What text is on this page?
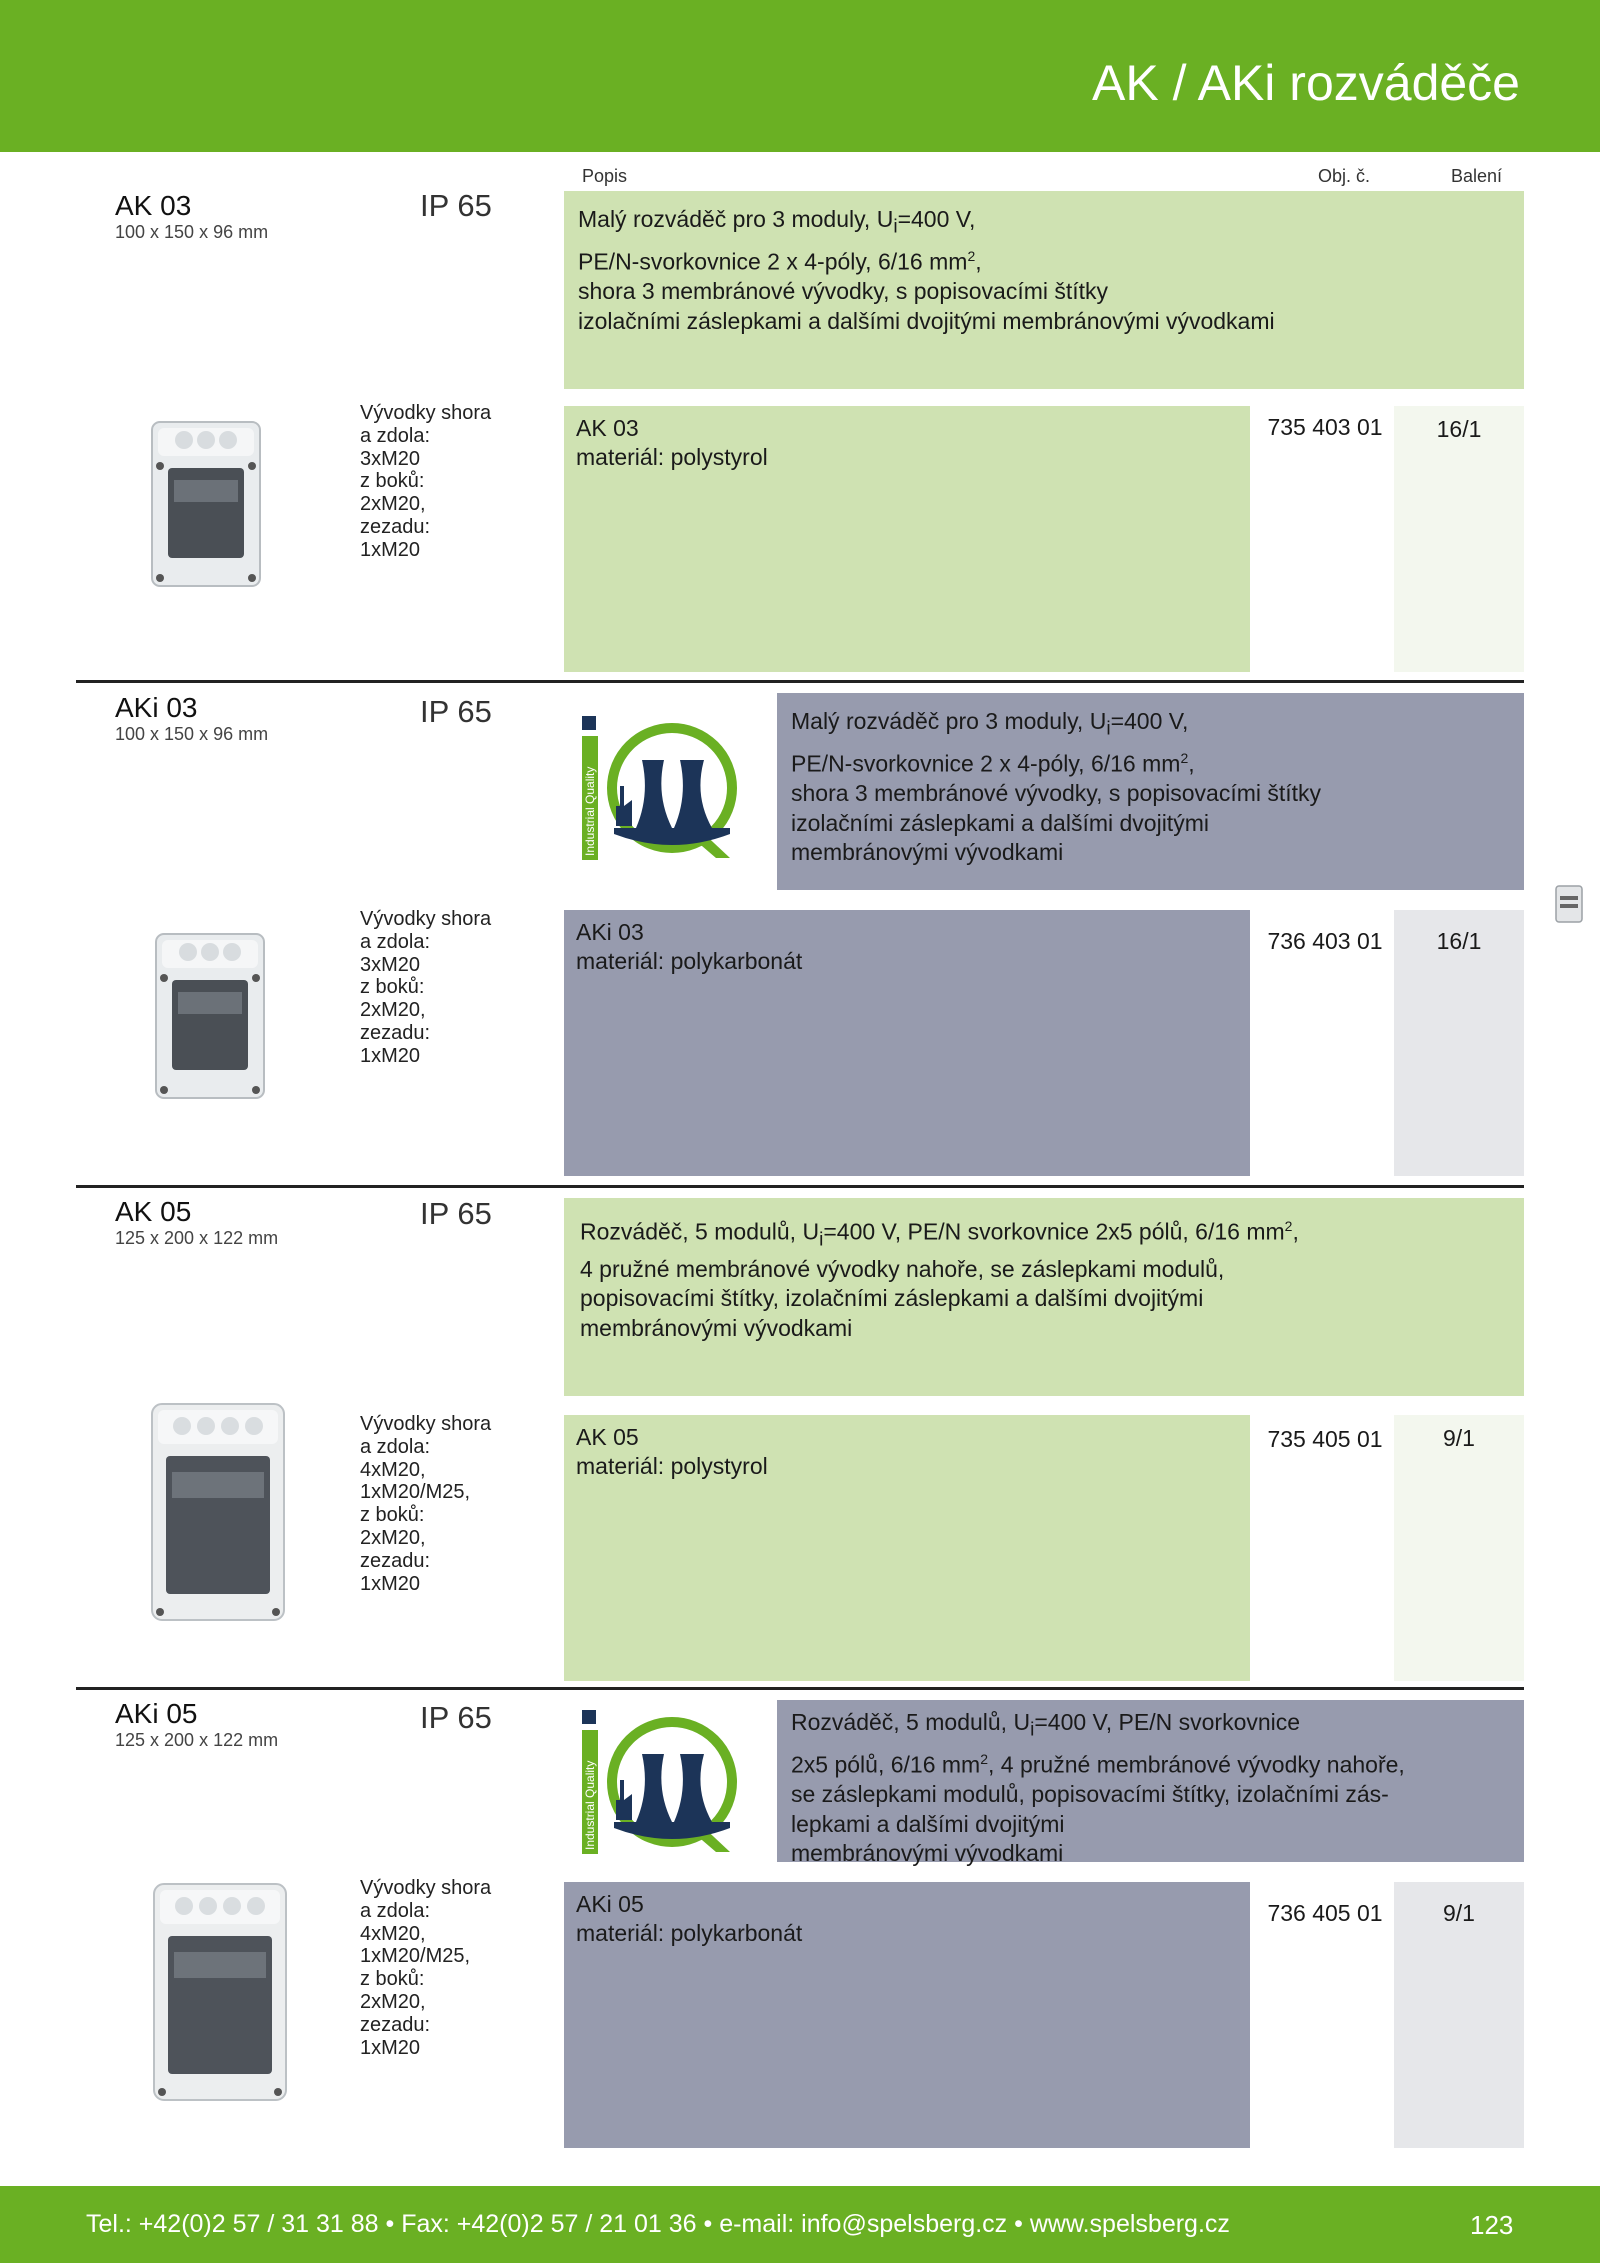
AK / AKi rozváděče
Popis	Obj. č.	Balení
AK 03
100 x 150 x 96 mm
IP 65	Malý rozváděč pro 3 moduly, $U_i=400$ V,
PE/N-svorkovnice 2 x 4-póly, 6/16 $mm^2$,
shora 3 membránové vývodky, s popisovacími štítky
izolačními záslepkami a dalšími dvojitými membránovými vývodkami
Vývodky shora
a zdola:
3xM20
z boků:
2xM20,
zezadu:
1xM20
AK 03
materiál: polystyrol
735 403 01	16/1
AKi 03
100 x 150 x 96 mm
IP 65
Industrial Quality
Malý rozváděč pro 3 moduly, $U_i=400$ V,
PE/N-svorkovnice 2 x 4-póly, 6/16 $mm^2$,
shora 3 membránové vývodky, s popisovacími štítky
izolačními záslepkami a dalšími dvojitými
membránovými vývodkami
Vývodky shora
a zdola:
3xM20
z boků:
2xM20,
zezadu:
1xM20
AKi 03
materiál: polykarbonát
736 403 01	16/1
AK 05
125 x 200 x 122 mm
IP 65
Rozváděč, 5 modulů, $U_i=400$ V, PE/N svorkovnice 2x5 pólů, 6/16 $mm^2$,
4 pružné membránové vývodky nahoře, se záslepkami modulů,
popisovacími štítky, izolačními záslepkami a dalšími dvojitými
membránovými vývodkami
Vývodky shora
a zdola:
4xM20,
1xM20/M25,
z boků:
2xM20,
zezadu:
1xM20
AK 05
materiál: polystyrol
735 405 01	9/1
AKi 05
125 x 200 x 122 mm
IP 65
Industrial Quality
Rozváděč, 5 modulů, $U_i=400$ V, PE/N svorkovnice
2x5 pólů, 6/16 $mm^2$, 4 pružné membránové vývodky nahoře,
se záslepkami modulů, popisovacími štítky, izolačními zás-
lepkami a dalšími dvojitými
membránovými vývodkami
Vývodky shora
a zdola:
4xM20,
1xM20/M25,
z boků:
2xM20,
zezadu:
1xM20
AKi 05
materiál: polykarbonát
736 405 01	9/1
Tel.: +42(0)2 57 / 31 31 88 • Fax: +42(0)2 57 / 21 01 36 • e-mail: info@spelsberg.cz • www.spelsberg.cz	123
